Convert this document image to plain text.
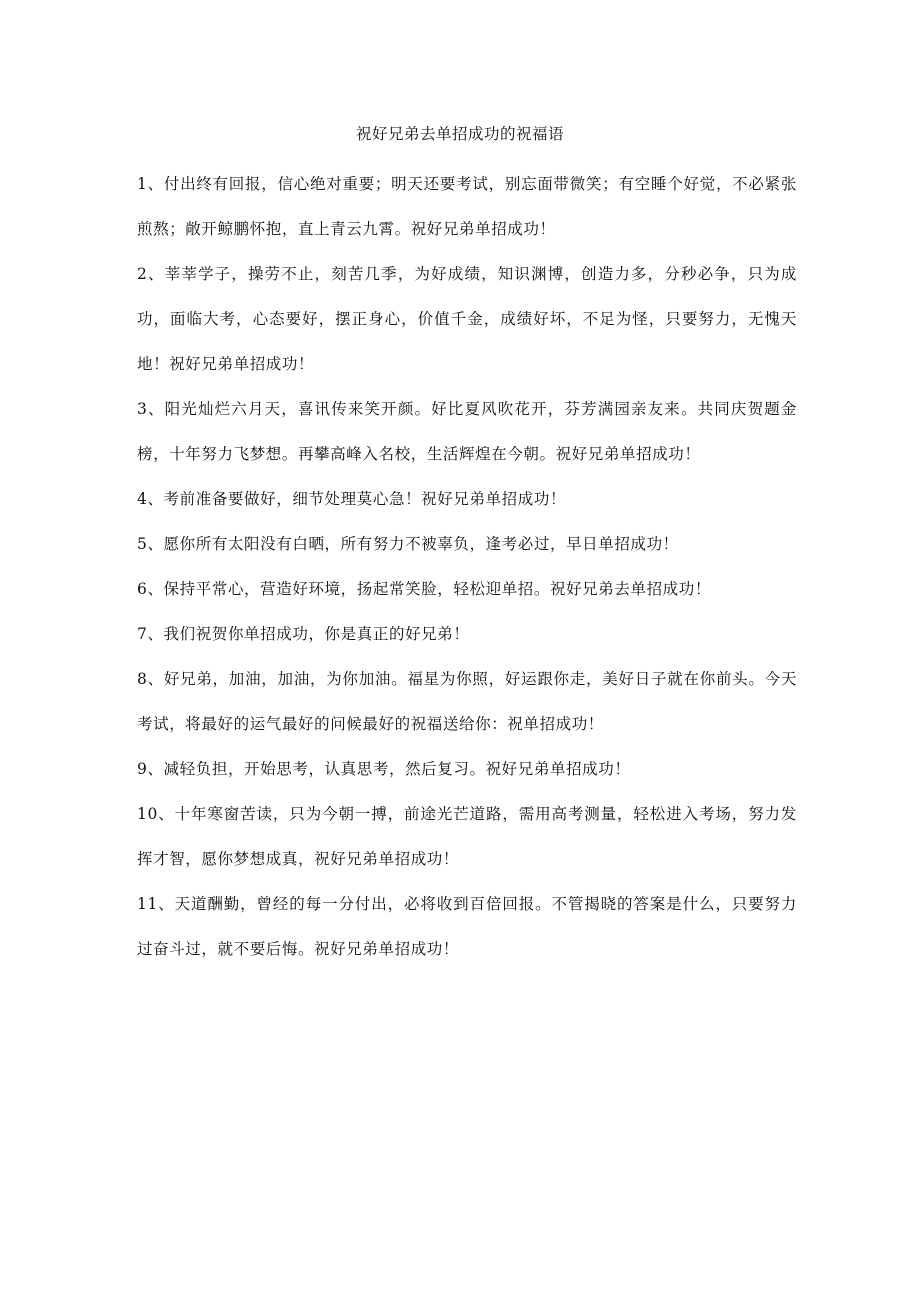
祝好兄弟去单招成功的祝福语

1、付出终有回报，信心绝对重要；明天还要考试，别忘面带微笑；有空睡个好觉，不必紧张煎熬；敞开鲸鹏怀抱，直上青云九霄。祝好兄弟单招成功！

2、莘莘学子，操劳不止，刻苦几季，为好成绩，知识渊博，创造力多，分秒必争，只为成功，面临大考，心态要好，摆正身心，价值千金，成绩好坏，不足为怪，只要努力，无愧天地！祝好兄弟单招成功！

3、阳光灿烂六月天，喜讯传来笑开颜。好比夏风吹花开，芬芳满园亲友来。共同庆贺题金榜，十年努力飞梦想。再攀高峰入名校，生活辉煌在今朝。祝好兄弟单招成功！

4、考前准备要做好，细节处理莫心急！祝好兄弟单招成功！

5、愿你所有太阳没有白晒，所有努力不被辜负，逢考必过，早日单招成功！

6、保持平常心，营造好环境，扬起常笑脸，轻松迎单招。祝好兄弟去单招成功！

7、我们祝贺你单招成功，你是真正的好兄弟！

8、好兄弟，加油，加油，为你加油。福星为你照，好运跟你走，美好日子就在你前头。今天考试，将最好的运气最好的问候最好的祝福送给你：祝单招成功！

9、减轻负担，开始思考，认真思考，然后复习。祝好兄弟单招成功！

10、十年寒窗苦读，只为今朝一搏，前途光芒道路，需用高考测量，轻松进入考场，努力发挥才智，愿你梦想成真，祝好兄弟单招成功！

11、天道酬勤，曾经的每一分付出，必将收到百倍回报。不管揭晓的答案是什么，只要努力过奋斗过，就不要后悔。祝好兄弟单招成功！
